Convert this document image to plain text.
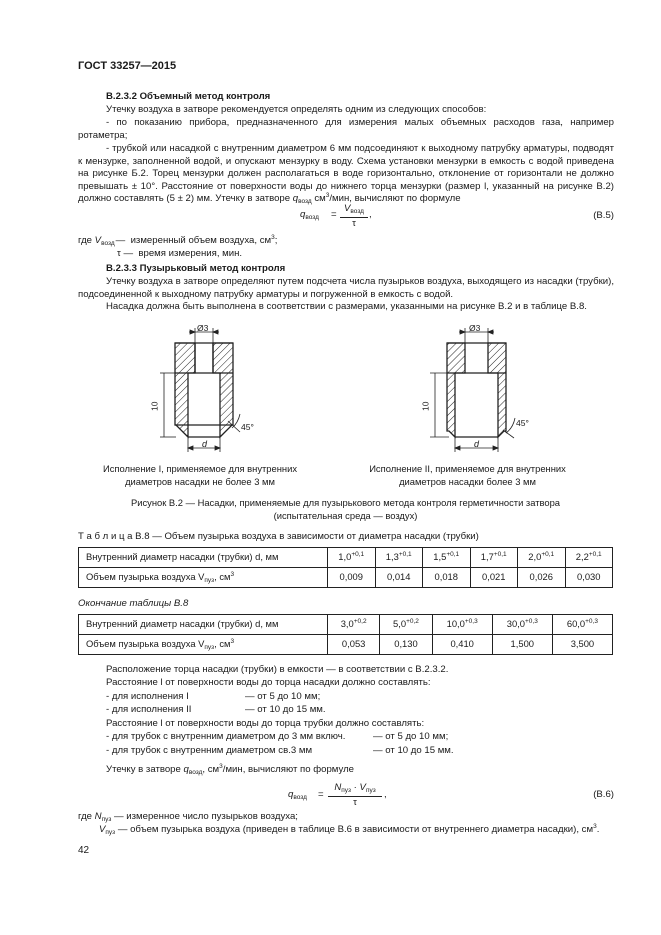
ГОСТ 33257—2015
В.2.3.2 Объемный метод контроля
Утечку воздуха в затворе рекомендуется определять одним из следующих способов:
- по показанию прибора, предназначенного для измерения малых объемных расходов газа, например ротаметра;
- трубкой или насадкой с внутренним диаметром 6 мм подсоединяют к выходному патрубку арматуры, подводят к мензурке, заполненной водой, и опускают мензурку в воду. Схема установки мензурки в емкость с водой приведена на рисунке Б.2. Торец мензурки должен располагаться в воде горизонтально, отклонение от горизонтали не должно превышать ± 10°. Расстояние от поверхности воды до нижнего торца мензурки (размер l, указанный на рисунке В.2) должно составлять (5 ± 2) мм. Утечку в затворе $q_{возд}$ $см^3$/мин, вычисляют по формуле
$q_{возд}$ =
$V_{возд}$
τ
,	(B.5)
где $V_{возд}—$ измеренный объем воздуха, $см^3$;
τ — время измерения, мин.
В.2.3.3 Пузырьковый метод контроля
Утечку воздуха в затворе определяют путем подсчета числа пузырьков воздуха, выходящего из насадки (трубки), подсоединенной к выходному патрубку арматуры и погруженной в емкость с водой.
Насадка должна быть выполнена в соответствии с размерами, указанными на рисунке В.2 и в таблице В.8.
Ø3
10
45°
d
Ø3
10
45°
d
Исполнение I, применяемое для внутренних
диаметров насадки не более 3 мм
Исполнение II, применяемое для внутренних
диаметров насадки более 3 мм
Рисунок В.2 — Насадки, применяемые для пузырькового метода контроля герметичности затвора
(испытательная среда — воздух)
Т а б л и ц а В.8 — Объем пузырька воздуха в зависимости от диаметра насадки (трубки)
Внутренний диаметр насадки (трубки) d, мм	$1,0^{+0,1}$	$1,3^{+0,1}$	$1,5^{+0,1}$	$1,7^{+0,1}$	$2,0^{+0,1}$	$2,2^{+0,1}$
Объем пузырька воздуха $V_{пуз}$, $см^3$	0,009	0,014	0,018	0,021	0,026	0,030
Окончание таблицы В.8
Внутренний диаметр насадки (трубки) d, мм	$3,0^{+0,2}$	$5,0^{+0,2}$	$10,0^{+0,3}$	$30,0^{+0,3}$	$60,0^{+0,3}$
Объем пузырька воздуха $V_{пуз}$, $см^3$	0,053	0,130	0,410	1,500	3,500
Расположение торца насадки (трубки) в емкости — в соответствии с В.2.3.2.
Расстояние l от поверхности воды до торца насадки должно составлять:
- для исполнения I	— от 5 до 10 мм;
- для исполнения II	— от 10 до 15 мм.
Расстояние l от поверхности воды до торца трубки должно составлять:
- для трубок с внутренним диаметром до 3 мм включ.	— от 5 до 10 мм;
- для трубок с внутренним диаметром св.3 мм	— от 10 до 15 мм.
Утечку в затворе $q_{возд}$, $см^3$/мин, вычисляют по формуле
$q_{возд}$ =
$N_{пуз} \cdot V_{пуз}$
τ
,	(B.6)
где $N_{пуз}$ — измеренное число пузырьков воздуха;
$V_{пуз}$ — объем пузырька воздуха (приведен в таблице В.6 в зависимости от внутреннего диаметра насадки), $см^3$.
42
